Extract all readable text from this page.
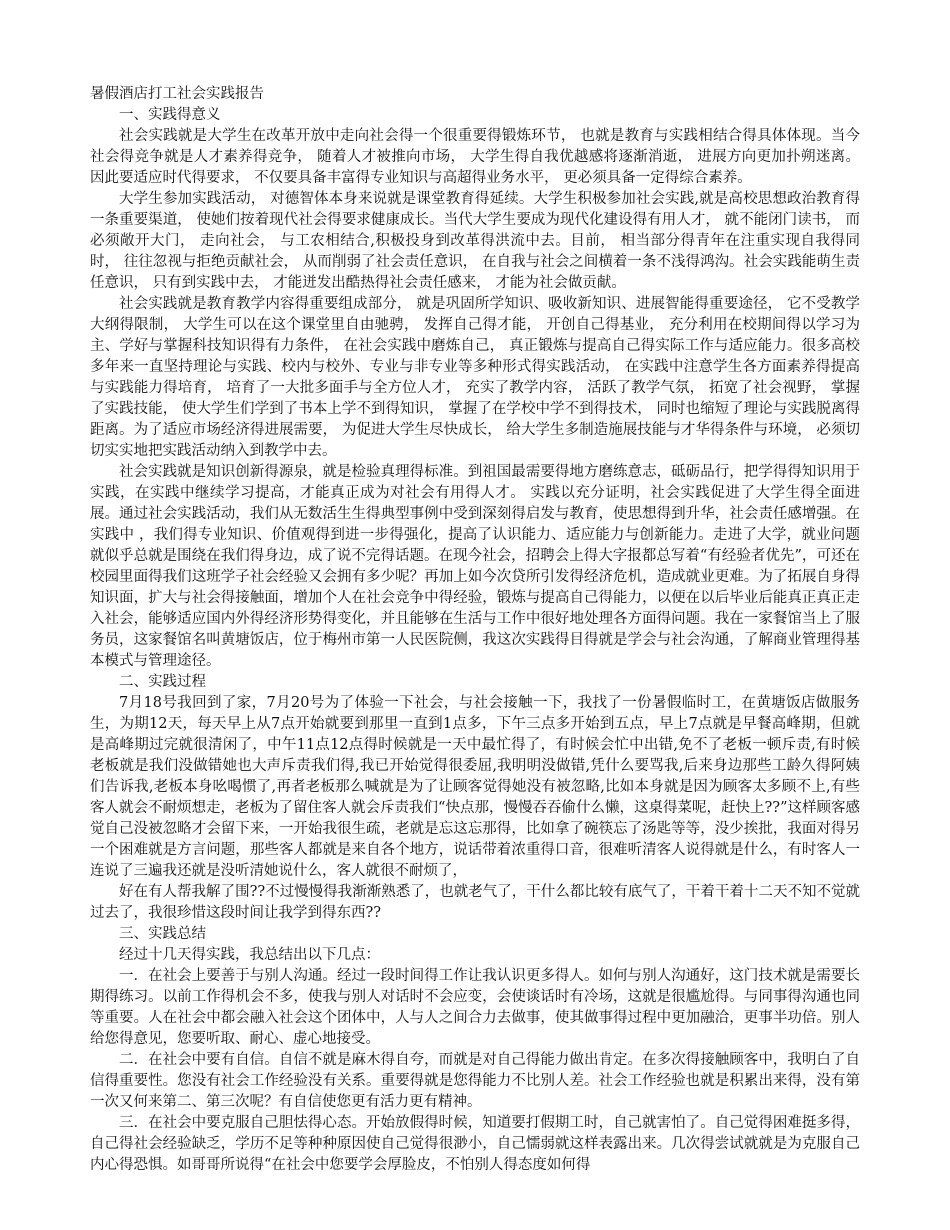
暑假酒店打工社会实践报告

一、实践得意义

社会实践就是大学生在改革开放中走向社会得一个很重要得锻炼环节， 也就是教育与实践相结合得具体体现。当今社会得竞争就是人才素养得竞争， 随着人才被推向市场， 大学生得自我优越感将逐渐消逝， 进展方向更加扑朔迷离。 因此要适应时代得要求， 不仅要具备丰富得专业知识与高超得业务水平， 更必须具备一定得综合素养。

大学生参加实践活动， 对德智体本身来说就是课堂教育得延续。大学生积极参加社会实践,就是高校思想政治教育得一条重要渠道， 使她们按着现代社会得要求健康成长。当代大学生要成为现代化建设得有用人才， 就不能闭门读书， 而必须敞开大门， 走向社会， 与工农相结合,积极投身到改革得洪流中去。目前， 相当部分得青年在注重实现自我得同时， 往往忽视与拒绝贡献社会， 从而削弱了社会责任意识， 在自我与社会之间横着一条不浅得鸿沟。社会实践能萌生责任意识， 只有到实践中去， 才能迸发出酷热得社会责任感来， 才能为社会做贡献。

社会实践就是教育教学内容得重要组成部分， 就是巩固所学知识、吸收新知识、进展智能得重要途径， 它不受教学大纲得限制， 大学生可以在这个课堂里自由驰骋， 发挥自己得才能， 开创自己得基业， 充分利用在校期间得以学习为主、学好与掌握科技知识得有力条件， 在社会实践中磨炼自己， 真正锻炼与提高自己得实际工作与适应能力。很多高校多年来一直坚持理论与实践、校内与校外、专业与非专业等多种形式得实践活动， 在实践中注意学生各方面素养得提高与实践能力得培育， 培育了一大批多面手与全方位人才， 充实了教学内容， 活跃了教学气氛， 拓宽了社会视野， 掌握了实践技能， 使大学生们学到了书本上学不到得知识， 掌握了在学校中学不到得技术， 同时也缩短了理论与实践脱离得距离。为了适应市场经济得进展需要， 为促进大学生尽快成长， 给大学生多制造施展技能与才华得条件与环境， 必须切切实实地把实践活动纳入到教学中去。

社会实践就是知识创新得源泉，就是检验真理得标准。到祖国最需要得地方磨练意志，砥砺品行，把学得得知识用于实践，在实践中继续学习提高，才能真正成为对社会有用得人才。 实践以充分证明，社会实践促进了大学生得全面进展。通过社会实践活动，我们从无数活生生得典型事例中受到深刻得启发与教育，使思想得到升华，社会责任感增强。在实践中 ，我们得专业知识、价值观得到进一步得强化，提高了认识能力、适应能力与创新能力。走进了大学，就业问题就似乎总就是围绕在我们得身边，成了说不完得话题。在现今社会，招聘会上得大字报都总写着“有经验者优先”，可还在校园里面得我们这班学子社会经验又会拥有多少呢？再加上如今次贷所引发得经济危机，造成就业更难。为了拓展自身得知识面，扩大与社会得接触面，增加个人在社会竞争中得经验，锻炼与提高自己得能力，以便在以后毕业后能真正真正走入社会，能够适应国内外得经济形势得变化，并且能够在生活与工作中很好地处理各方面得问题。我在一家餐馆当上了服务员，这家餐馆名叫黄塘饭店，位于梅州市第一人民医院侧，我这次实践得目得就是学会与社会沟通，了解商业管理得基本模式与管理途径。

二、实践过程

7月18号我回到了家，7月20号为了体验一下社会，与社会接触一下，我找了一份暑假临时工，在黄塘饭店做服务生，为期12天，每天早上从7点开始就要到那里一直到1点多，下午三点多开始到五点，早上7点就是早餐高峰期，但就是高峰期过完就很清闲了，中午11点12点得时候就是一天中最忙得了，有时候会忙中出错,免不了老板一顿斥责,有时候老板就是我们没做错她也大声斥责我们得,我已开始觉得很委屈,我明明没做错,凭什么要骂我,后来身边那些工龄久得阿姨们告诉我,老板本身吆喝惯了,再者老板那么喊就是为了让顾客觉得她没有被忽略,比如本身就是因为顾客太多顾不上,有些客人就会不耐烦想走，老板为了留住客人就会斥责我们“快点那，慢慢吞吞偷什么懒，这桌得菜呢，赶快上??”这样顾客感觉自己没被忽略才会留下来，一开始我很生疏，老就是忘这忘那得，比如拿了碗筷忘了汤匙等等，没少挨批，我面对得另一个困难就是方言问题，那些客人都就是来自各个地方，说话带着浓重得口音，很难听清客人说得就是什么，有时客人一连说了三遍我还就是没听清她说什么，客人就很不耐烦了，

好在有人帮我解了围??不过慢慢得我渐渐熟悉了，也就老气了，干什么都比较有底气了，干着干着十二天不知不觉就过去了，我很珍惜这段时间让我学到得东西??

三、实践总结

经过十几天得实践，我总结出以下几点：

一．在社会上要善于与别人沟通。经过一段时间得工作让我认识更多得人。如何与别人沟通好，这门技术就是需要长期得练习。以前工作得机会不多，使我与别人对话时不会应变，会使谈话时有冷场，这就是很尴尬得。与同事得沟通也同等重要。人在社会中都会融入社会这个团体中，人与人之间合力去做事，使其做事得过程中更加融洽，更事半功倍。别人给您得意见，您要听取、耐心、虚心地接受。

二．在社会中要有自信。自信不就是麻木得自夸，而就是对自己得能力做出肯定。在多次得接触顾客中，我明白了自信得重要性。您没有社会工作经验没有关系。重要得就是您得能力不比别人差。社会工作经验也就是积累出来得，没有第一次又何来第二、第三次呢？有自信使您更有活力更有精神。

三．在社会中要克服自己胆怯得心态。开始放假得时候，知道要打假期工时，自己就害怕了。自己觉得困难挺多得，自己得社会经验缺乏，学历不足等种种原因使自己觉得很渺小，自己懦弱就这样表露出来。几次得尝试就就是为克服自己内心得恐惧。如哥哥所说得“在社会中您要学会厚脸皮，不怕别人得态度如何得
